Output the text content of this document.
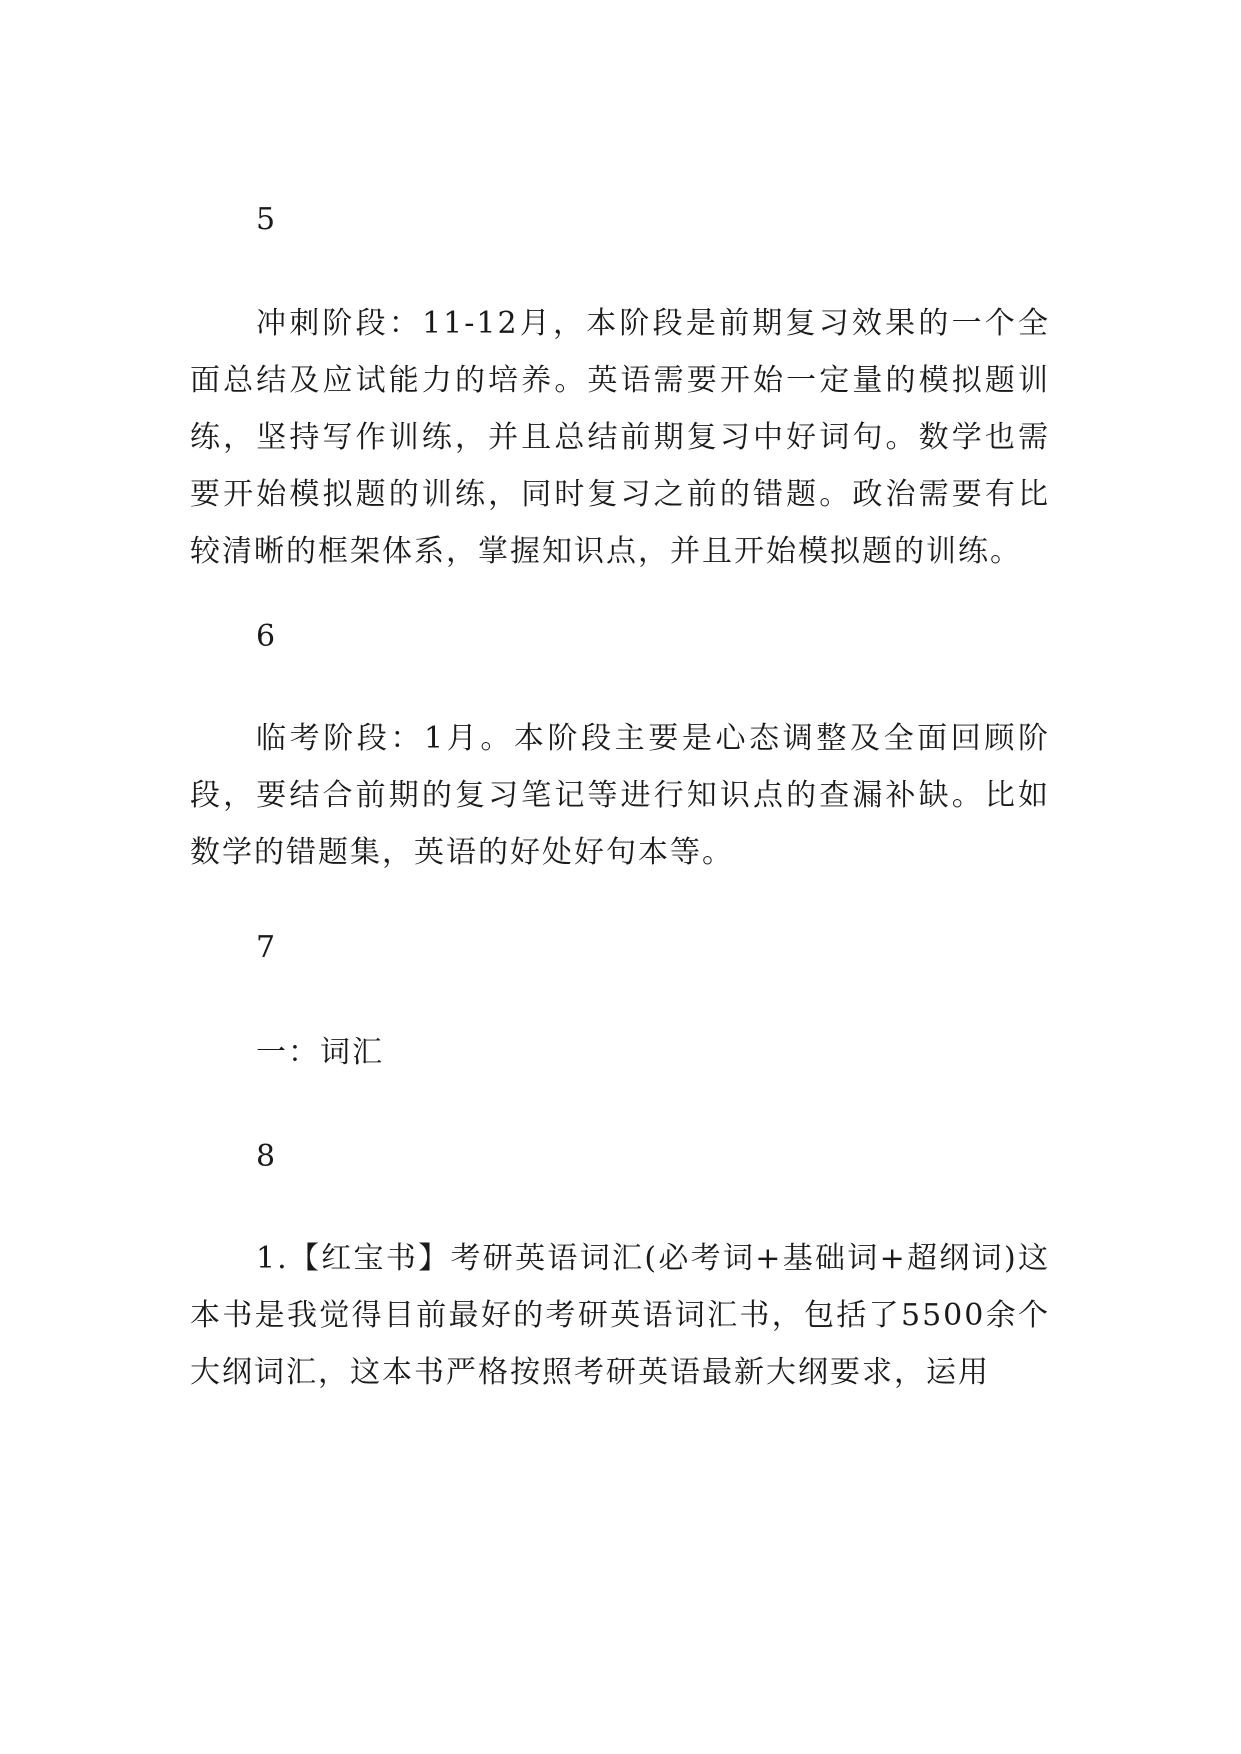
5

冲刺阶段：11-12月，本阶段是前期复习效果的一个全面总结及应试能力的培养。英语需要开始一定量的模拟题训练，坚持写作训练，并且总结前期复习中好词句。数学也需要开始模拟题的训练，同时复习之前的错题。政治需要有比较清晰的框架体系，掌握知识点，并且开始模拟题的训练。

6

临考阶段：1月。本阶段主要是心态调整及全面回顾阶段，要结合前期的复习笔记等进行知识点的查漏补缺。比如数学的错题集，英语的好处好句本等。

7

一：词汇

8

1.【红宝书】考研英语词汇(必考词+基础词+超纲词)这本书是我觉得目前最好的考研英语词汇书，包括了5500余个大纲词汇，这本书严格按照考研英语最新大纲要求，运用
